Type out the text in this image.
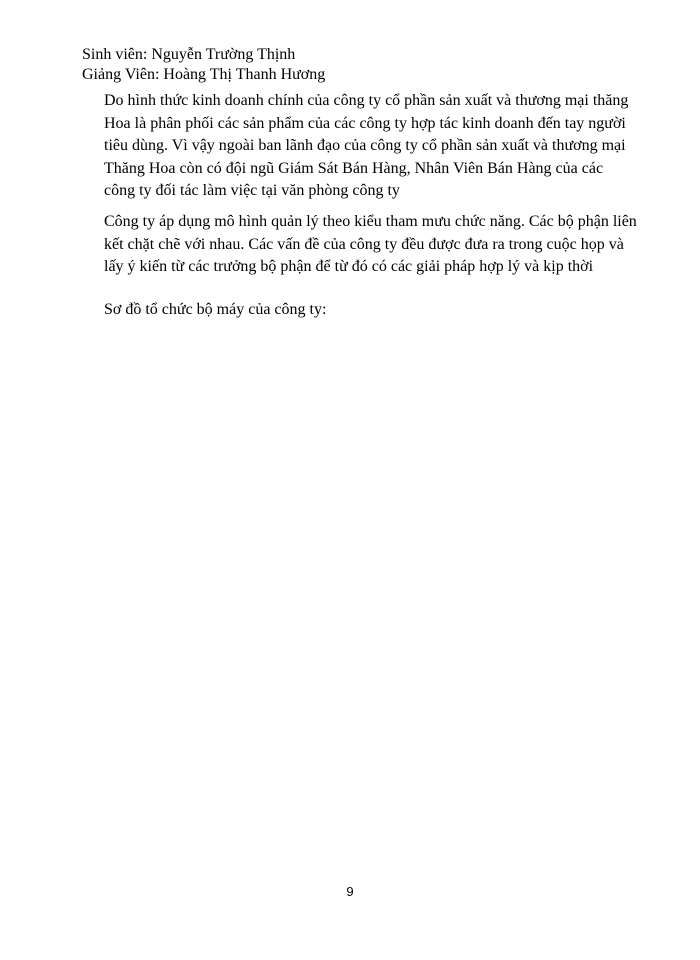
Sinh viên: Nguyễn Trường Thịnh
Giảng Viên: Hoàng Thị Thanh Hương
Do hình thức kinh doanh chính của công ty cổ phần sản xuất và thương mại thăng
Hoa là phân phối các sản phẩm của các công ty hợp tác kinh doanh đến tay người
tiêu dùng. Vì vậy ngoài ban lãnh đạo của công ty cổ phần sản xuất và thương mại
Thăng Hoa còn có đội ngũ Giám Sát Bán Hàng, Nhân Viên Bán Hàng của các
công ty đối tác làm việc tại văn phòng công ty
Công ty áp dụng mô hình quản lý theo kiểu tham mưu chức năng. Các bộ phận liên
kết chặt chẽ với nhau. Các vấn đề của công ty đều được đưa ra trong cuộc họp và
lấy ý kiến từ các trưởng bộ phận để từ đó có các giải pháp hợp lý và kịp thời
Sơ đồ tổ chức bộ máy của công ty:
9
